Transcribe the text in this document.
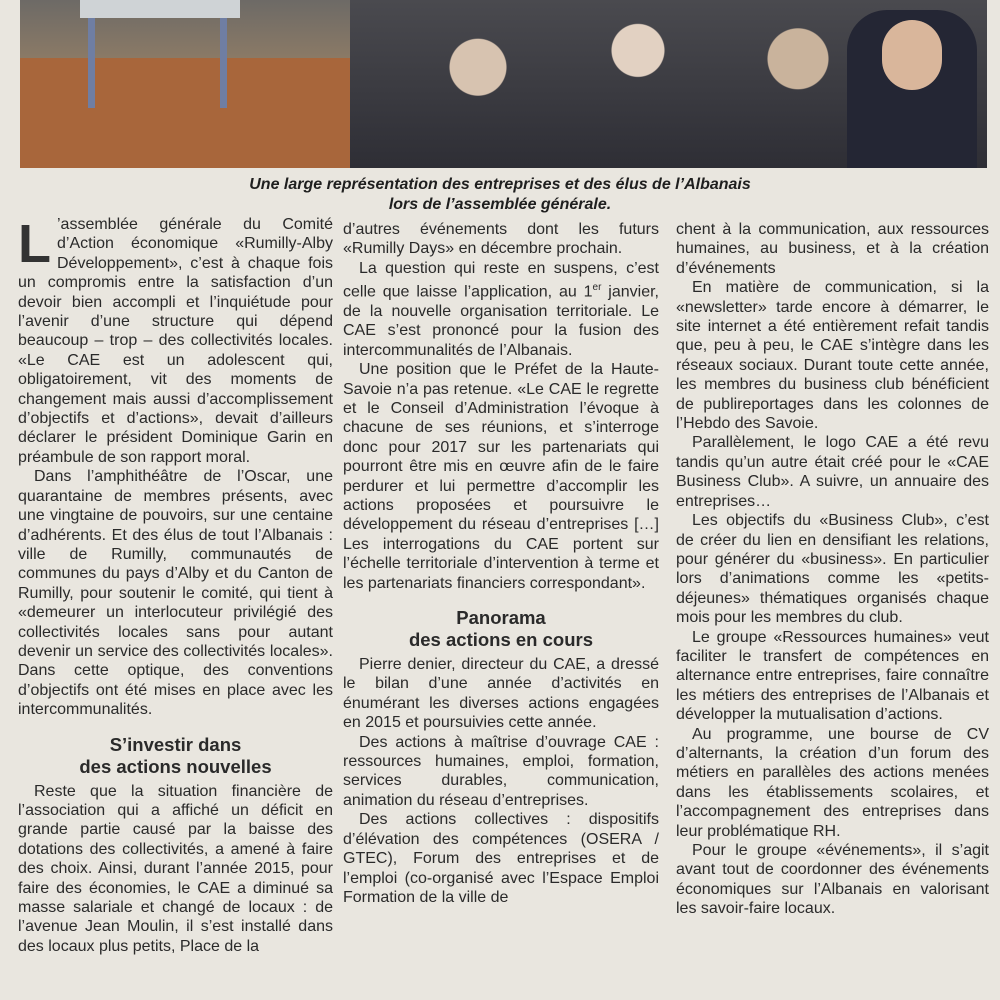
Une large représentation des entreprises et des élus de l’Albanais
lors de l’assemblée générale.

L ’assemblée générale du Comité d’Action économique «Rumilly-Alby Développement», c’est à chaque fois un compromis entre la satisfaction d’un devoir bien accompli et l’inquiétude pour l’avenir d’une structure qui dépend beaucoup – trop – des collectivités locales. «Le CAE est un adolescent qui, obligatoirement, vit des moments de changement mais aussi d’accomplissement d’objectifs et d’actions», devait d’ailleurs déclarer le président Dominique Garin en préambule de son rapport moral.

Dans l’amphithéâtre de l’Oscar, une quarantaine de membres présents, avec une vingtaine de pouvoirs, sur une centaine d’adhérents. Et des élus de tout l’Albanais : ville de Rumilly, communautés de communes du pays d’Alby et du Canton de Rumilly, pour soutenir le comité, qui tient à «demeurer un interlocuteur privilégié des collectivités locales sans pour autant devenir un service des collectivités locales». Dans cette optique, des conventions d’objectifs ont été mises en place avec les intercommunalités.

S’investir dans
des actions nouvelles

Reste que la situation financière de l’association qui a affiché un déficit en grande partie causé par la baisse des dotations des collectivités, a amené à faire des choix. Ainsi, durant l’année 2015, pour faire des économies, le CAE a diminué sa masse salariale et changé de locaux : de l’avenue Jean Moulin, il s’est installé dans des locaux plus petits, Place de la

d’autres événements dont les futurs «Rumilly Days» en décembre prochain.

La question qui reste en suspens, c’est celle que laisse l’application, au 1er janvier, de la nouvelle organisation territoriale. Le CAE s’est prononcé pour la fusion des intercommunalités de l’Albanais.

Une position que le Préfet de la Haute-Savoie n’a pas retenue. «Le CAE le regrette et le Conseil d’Administration l’évoque à chacune de ses réunions, et s’interroge donc pour 2017 sur les partenariats qui pourront être mis en œuvre afin de le faire perdurer et lui permettre d’accomplir les actions proposées et poursuivre le développement du réseau d’entreprises […] Les interrogations du CAE portent sur l’échelle territoriale d’intervention à terme et les partenariats financiers correspondant».

Panorama
des actions en cours

Pierre denier, directeur du CAE, a dressé le bilan d’une année d’activités en énumérant les diverses actions engagées en 2015 et poursuivies cette année.

Des actions à maîtrise d’ouvrage CAE : ressources humaines, emploi, formation, services durables, communication, animation du réseau d’entreprises.

Des actions collectives : dispositifs d’élévation des compétences (OSERA / GTEC), Forum des entreprises et de l’emploi (co-organisé avec l’Espace Emploi Formation de la ville de

chent à la communication, aux ressources humaines, au business, et à la création d’événements

En matière de communication, si la «newsletter» tarde encore à démarrer, le site internet a été entièrement refait tandis que, peu à peu, le CAE s’intègre dans les réseaux sociaux. Durant toute cette année, les membres du business club bénéficient de publireportages dans les colonnes de l’Hebdo des Savoie.

Parallèlement, le logo CAE a été revu tandis qu’un autre était créé pour le «CAE Business Club». A suivre, un annuaire des entreprises…

Les objectifs du «Business Club», c’est de créer du lien en densifiant les relations, pour générer du «business». En particulier lors d’animations comme les «petits-déjeunes» thématiques organisés chaque mois pour les membres du club.

Le groupe «Ressources humaines» veut faciliter le transfert de compétences en alternance entre entreprises, faire connaître les métiers des entreprises de l’Albanais et développer la mutualisation d’actions.

Au programme, une bourse de CV d’alternants, la création d’un forum des métiers en parallèles des actions menées dans les établissements scolaires, et l’accompagnement des entreprises dans leur problématique RH.

Pour le groupe «événements», il s’agit avant tout de coordonner des événements économiques sur l’Albanais en valorisant les savoir-faire locaux.
